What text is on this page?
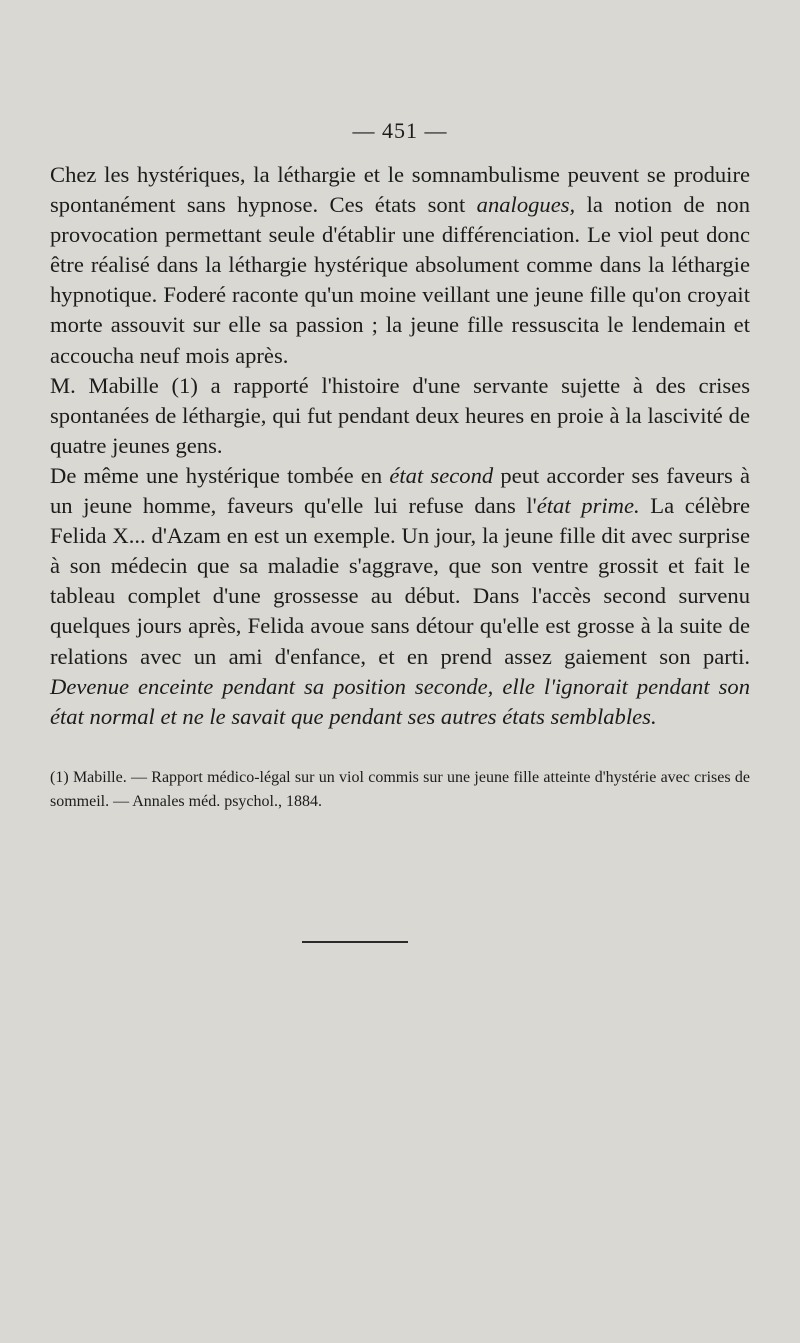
— 451 —

Chez les hystériques, la léthargie et le somnambulisme peuvent se produire spontanément sans hypnose. Ces états sont analogues, la notion de non provocation permettant seule d'établir une différenciation. Le viol peut donc être réalisé dans la léthargie hystérique absolument comme dans la léthargie hypnotique. Foderé raconte qu'un moine veillant une jeune fille qu'on croyait morte assouvit sur elle sa passion ; la jeune fille ressuscita le lendemain et accoucha neuf mois après.

M. Mabille (1) a rapporté l'histoire d'une servante sujette à des crises spontanées de léthargie, qui fut pendant deux heures en proie à la lascivité de quatre jeunes gens.

De même une hystérique tombée en état second peut accorder ses faveurs à un jeune homme, faveurs qu'elle lui refuse dans l'état prime. La célèbre Felida X... d'Azam en est un exemple. Un jour, la jeune fille dit avec surprise à son médecin que sa maladie s'aggrave, que son ventre grossit et fait le tableau complet d'une grossesse au début. Dans l'accès second survenu quelques jours après, Felida avoue sans détour qu'elle est grosse à la suite de relations avec un ami d'enfance, et en prend assez gaiement son parti. Devenue enceinte pendant sa position seconde, elle l'ignorait pendant son état normal et ne le savait que pendant ses autres états semblables.

(1) Mabille. — Rapport médico-légal sur un viol commis sur une jeune fille atteinte d'hystérie avec crises de sommeil. — Annales méd. psychol., 1884.
